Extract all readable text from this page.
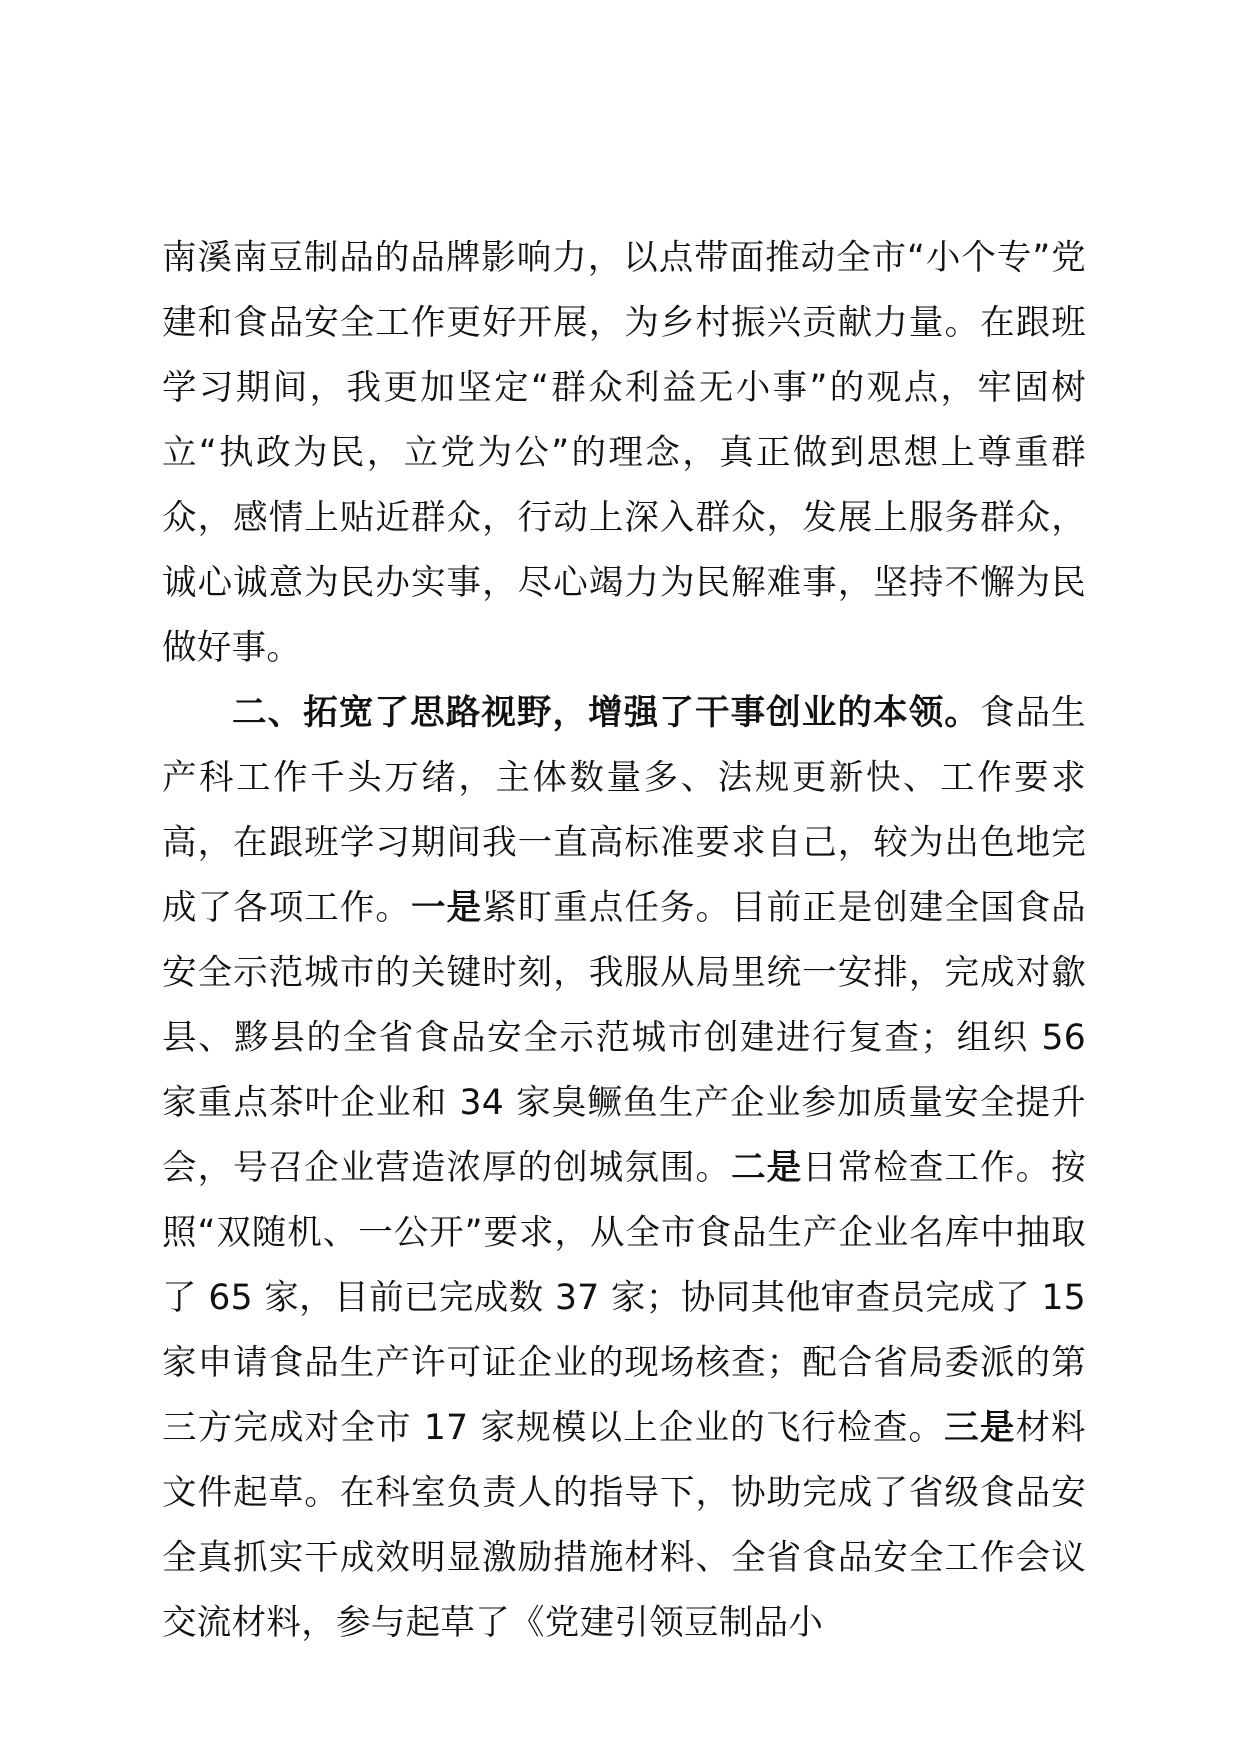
南溪南豆制品的品牌影响力，以点带面推动全市“小个专”党建和食品安全工作更好开展，为乡村振兴贡献力量。在跟班学习期间，我更加坚定“群众利益无小事”的观点，牢固树立“执政为民，立党为公”的理念，真正做到思想上尊重群众，感情上贴近群众，行动上深入群众，发展上服务群众，诚心诚意为民办实事，尽心竭力为民解难事，坚持不懈为民做好事。

二、拓宽了思路视野，增强了干事创业的本领。食品生产科工作千头万绪，主体数量多、法规更新快、工作要求高，在跟班学习期间我一直高标准要求自己，较为出色地完成了各项工作。一是紧盯重点任务。目前正是创建全国食品安全示范城市的关键时刻，我服从局里统一安排，完成对歙县、黟县的全省食品安全示范城市创建进行复查；组织 56 家重点茶叶企业和 34 家臭鳜鱼生产企业参加质量安全提升会，号召企业营造浓厚的创城氛围。二是日常检查工作。按照“双随机、一公开”要求，从全市食品生产企业名库中抽取了 65 家，目前已完成数 37 家；协同其他审查员完成了 15 家申请食品生产许可证企业的现场核查；配合省局委派的第三方完成对全市 17 家规模以上企业的飞行检查。三是材料文件起草。在科室负责人的指导下，协助完成了省级食品安全真抓实干成效明显激励措施材料、全省食品安全工作会议交流材料，参与起草了《党建引领豆制品小
